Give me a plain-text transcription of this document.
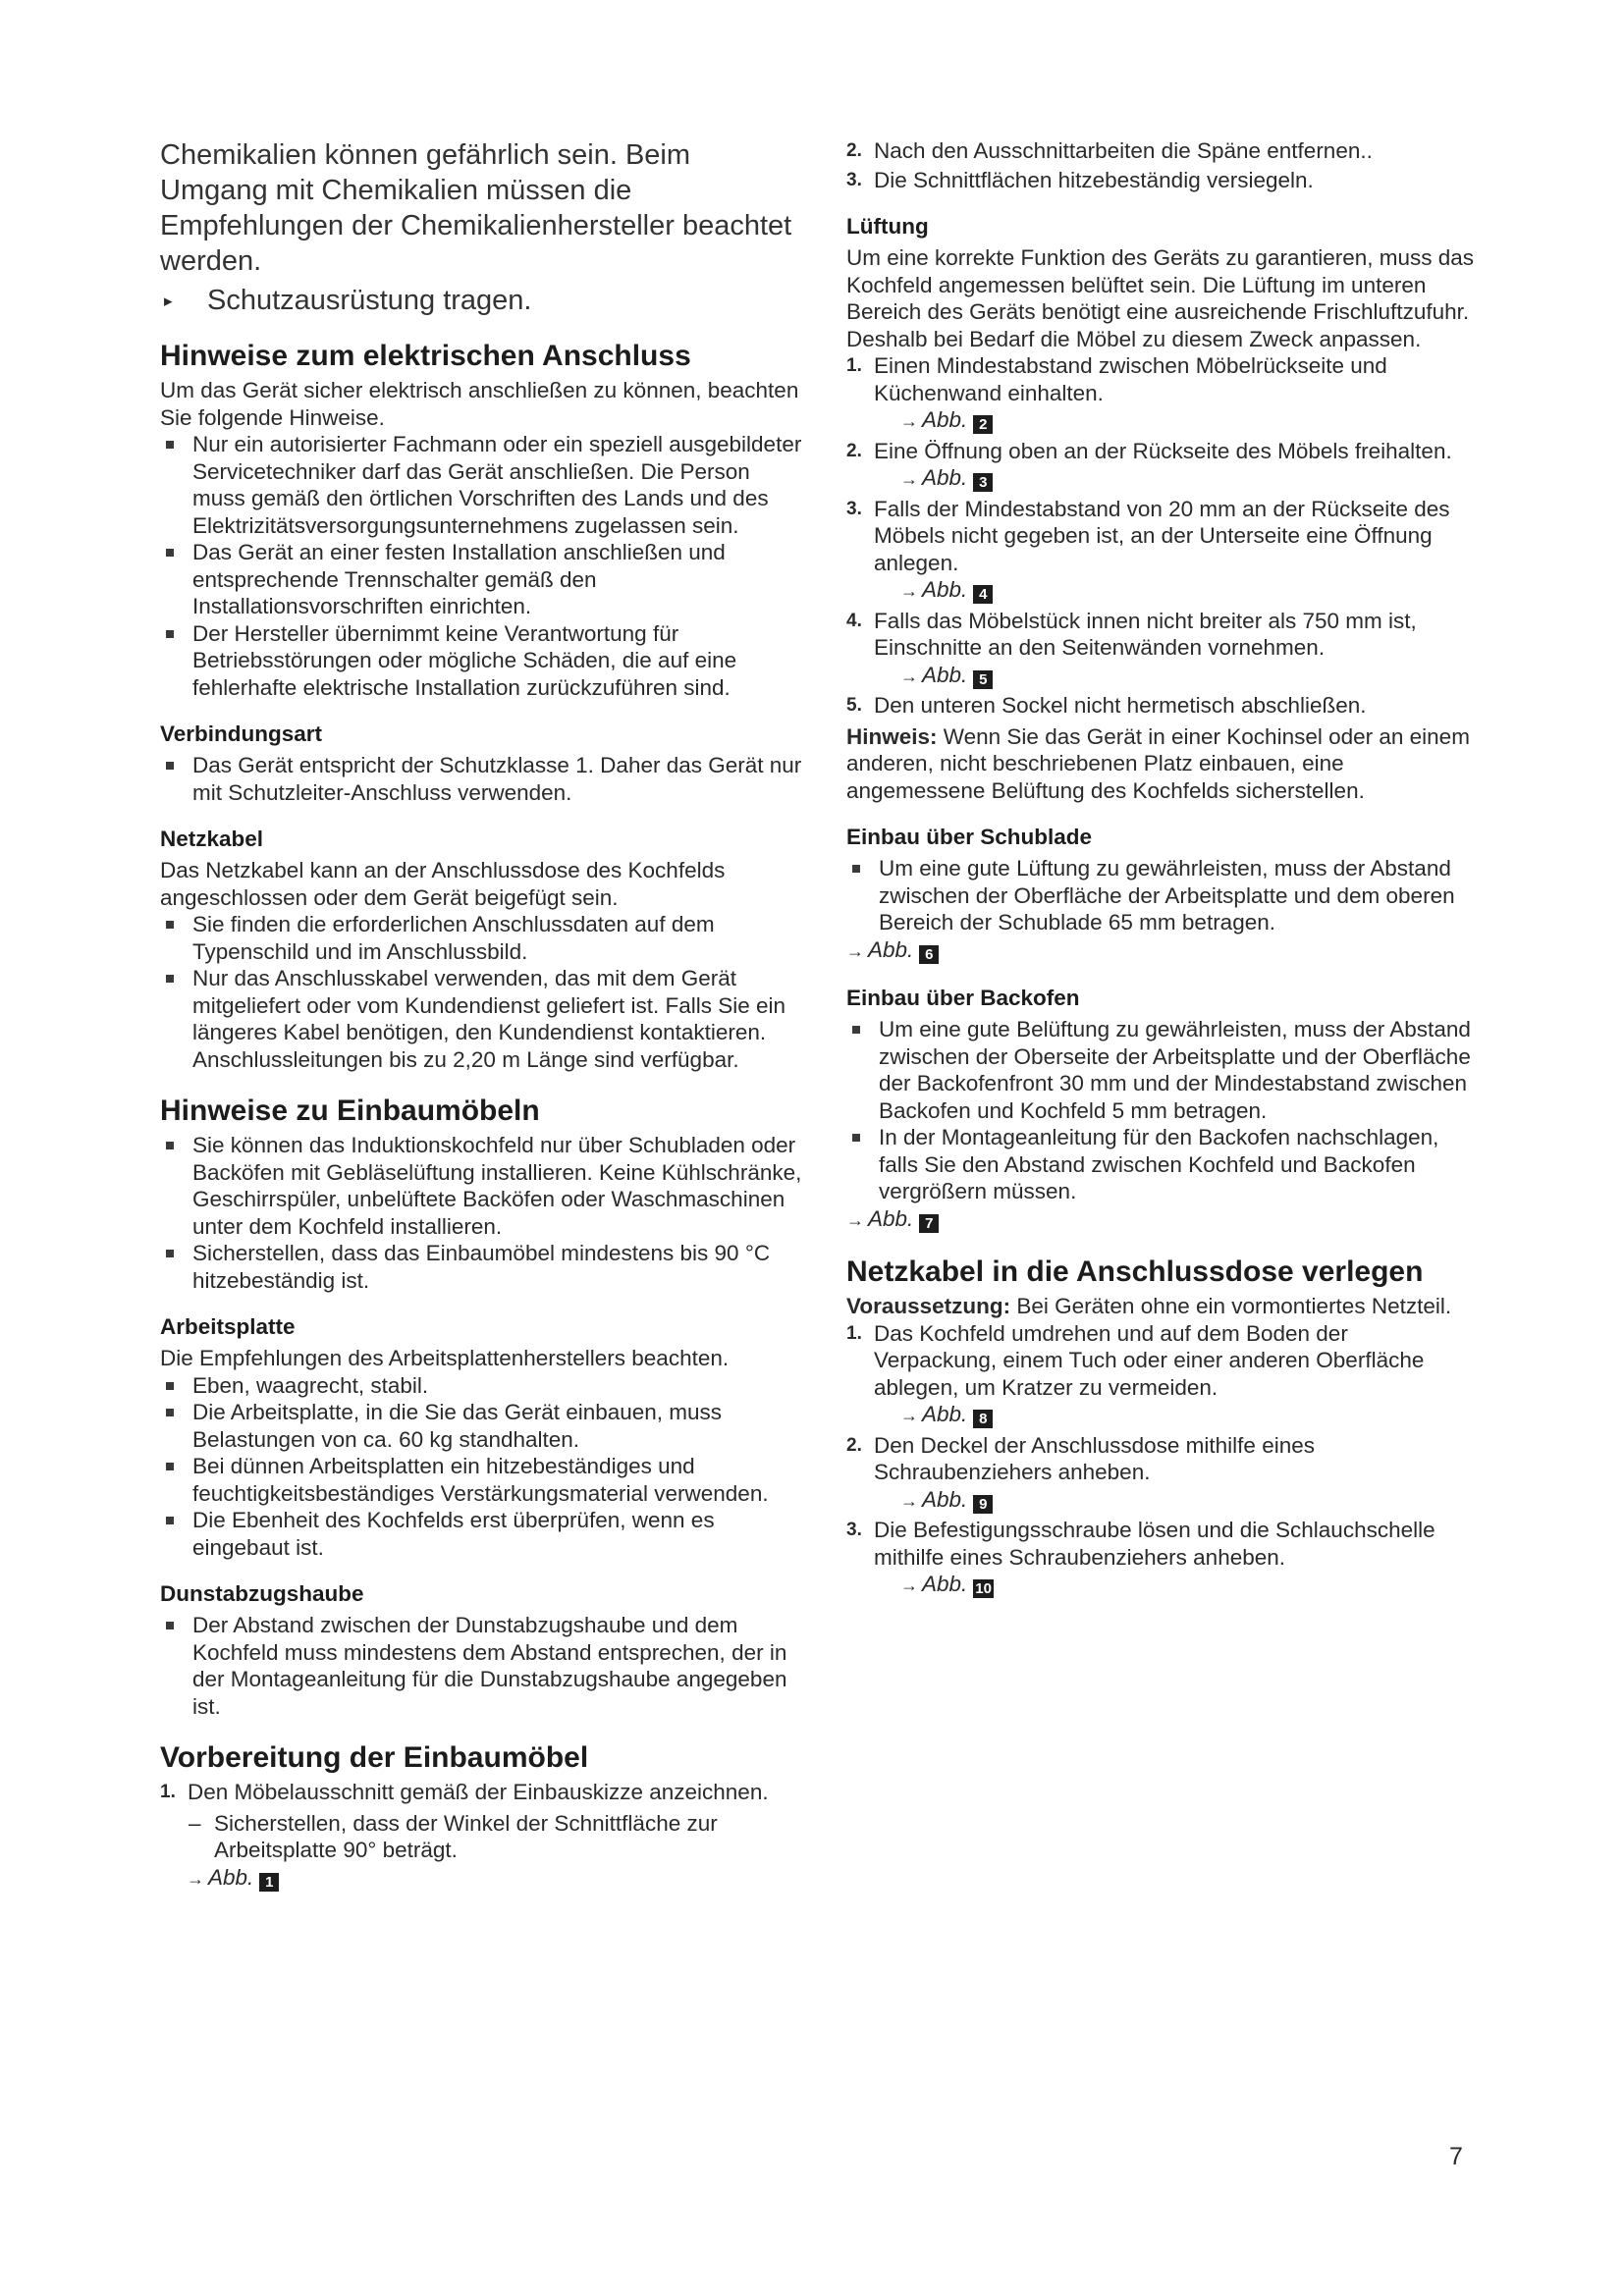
Chemikalien können gefährlich sein. Beim Umgang mit Chemikalien müssen die Empfehlungen der Chemikalienhersteller beachtet werden.

▸	Schutzausrüstung tragen.
Hinweise zum elektrischen Anschluss

Um das Gerät sicher elektrisch anschließen zu können, beachten Sie folgende Hinweise.

Nur ein autorisierter Fachmann oder ein speziell ausgebildeter Servicetechniker darf das Gerät anschließen. Die Person muss gemäß den örtlichen Vorschriften des Lands und des Elektrizitätsversorgungsunternehmens zugelassen sein.
Das Gerät an einer festen Installation anschließen und entsprechende Trennschalter gemäß den Installationsvorschriften einrichten.
Der Hersteller übernimmt keine Verantwortung für Betriebsstörungen oder mögliche Schäden, die auf eine fehlerhafte elektrische Installation zurückzuführen sind.
Verbindungsart
Das Gerät entspricht der Schutzklasse 1. Daher das Gerät nur mit Schutzleiter-Anschluss verwenden.
Netzkabel

Das Netzkabel kann an der Anschlussdose des Kochfelds angeschlossen oder dem Gerät beigefügt sein.

Sie finden die erforderlichen Anschlussdaten auf dem Typenschild und im Anschlussbild.
Nur das Anschlusskabel verwenden, das mit dem Gerät mitgeliefert oder vom Kundendienst geliefert ist. Falls Sie ein längeres Kabel benötigen, den Kundendienst kontaktieren. Anschlussleitungen bis zu 2,20 m Länge sind verfügbar.
Hinweise zu Einbaumöbeln
Sie können das Induktionskochfeld nur über Schubladen oder Backöfen mit Gebläselüftung installieren. Keine Kühlschränke, Geschirrspüler, unbelüftete Backöfen oder Waschmaschinen unter dem Kochfeld installieren.
Sicherstellen, dass das Einbaumöbel mindestens bis 90 °C hitzebeständig ist.
Arbeitsplatte

Die Empfehlungen des Arbeitsplattenherstellers beachten.

Eben, waagrecht, stabil.
Die Arbeitsplatte, in die Sie das Gerät einbauen, muss Belastungen von ca. 60 kg standhalten.
Bei dünnen Arbeitsplatten ein hitzebeständiges und feuchtigkeitsbeständiges Verstärkungsmaterial verwenden.
Die Ebenheit des Kochfelds erst überprüfen, wenn es eingebaut ist.
Dunstabzugshaube
Der Abstand zwischen der Dunstabzugshaube und dem Kochfeld muss mindestens dem Abstand entsprechen, der in der Montageanleitung für die Dunstabzugshaube angegeben ist.
Vorbereitung der Einbaumöbel
1. Den Möbelausschnitt gemäß der Einbauskizze anzeichnen.
– Sicherstellen, dass der Winkel der Schnittfläche zur Arbeitsplatte 90° beträgt.
→ Abb. 1
2. Nach den Ausschnittarbeiten die Späne entfernen..
3. Die Schnittflächen hitzebeständig versiegeln.
Lüftung

Um eine korrekte Funktion des Geräts zu garantieren, muss das Kochfeld angemessen belüftet sein. Die Lüftung im unteren Bereich des Geräts benötigt eine ausreichende Frischluftzufuhr. Deshalb bei Bedarf die Möbel zu diesem Zweck anpassen.

1. Einen Mindestabstand zwischen Möbelrückseite und Küchenwand einhalten.
→ Abb. 2
2. Eine Öffnung oben an der Rückseite des Möbels freihalten.
→ Abb. 3
3. Falls der Mindestabstand von 20 mm an der Rückseite des Möbels nicht gegeben ist, an der Unterseite eine Öffnung anlegen.
→ Abb. 4
4. Falls das Möbelstück innen nicht breiter als 750 mm ist, Einschnitte an den Seitenwänden vornehmen.
→ Abb. 5
5. Den unteren Sockel nicht hermetisch abschließen.

Hinweis: Wenn Sie das Gerät in einer Kochinsel oder an einem anderen, nicht beschriebenen Platz einbauen, eine angemessene Belüftung des Kochfelds sicherstellen.

Einbau über Schublade
Um eine gute Lüftung zu gewährleisten, muss der Abstand zwischen der Oberfläche der Arbeitsplatte und dem oberen Bereich der Schublade 65 mm betragen.
→ Abb. 6
Einbau über Backofen
Um eine gute Belüftung zu gewährleisten, muss der Abstand zwischen der Oberseite der Arbeitsplatte und der Oberfläche der Backofenfront 30 mm und der Mindestabstand zwischen Backofen und Kochfeld 5 mm betragen.
In der Montageanleitung für den Backofen nachschlagen, falls Sie den Abstand zwischen Kochfeld und Backofen vergrößern müssen.
→ Abb. 7
Netzkabel in die Anschlussdose verlegen

Voraussetzung: Bei Geräten ohne ein vormontiertes Netzteil.

1. Das Kochfeld umdrehen und auf dem Boden der Verpackung, einem Tuch oder einer anderen Oberfläche ablegen, um Kratzer zu vermeiden.
→ Abb. 8
2. Den Deckel der Anschlussdose mithilfe eines Schraubenziehers anheben.
→ Abb. 9
3. Die Befestigungsschraube lösen und die Schlauchschelle mithilfe eines Schraubenziehers anheben.
→ Abb. 10
7
